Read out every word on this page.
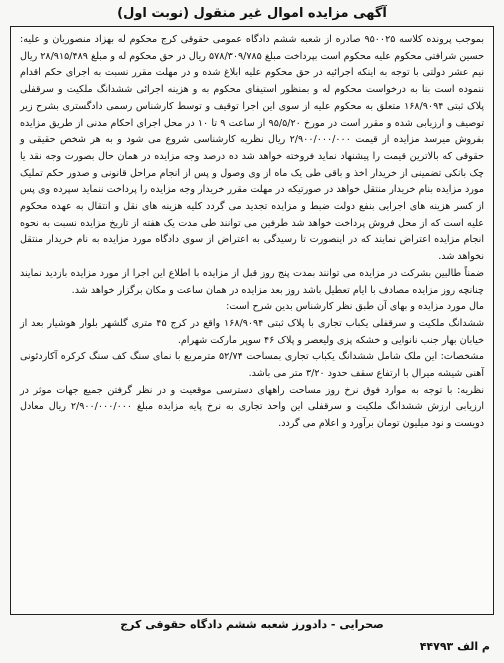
آگهی مزایده اموال غیر منقول (نوبت اول)

بموجب پرونده کلاسه ۹۵۰۰۲۵ صادره از شعبه ششم دادگاه عمومی حقوقی کرج محکوم له بهزاد منصوریان و علیه: حسین شرافتی محکوم علیه محکوم است بپرداخت مبلغ ۵۷۸/۳۰۹/۷۸۵ ریال در حق محکوم له و مبلغ ۲۸/۹۱۵/۴۸۹ ریال نیم عشر دولتی با توجه به اینکه اجرائیه در حق محکوم علیه ابلاغ شده و در مهلت مقرر نسبت به اجرای حکم اقدام ننموده است بنا به درخواست محکوم له و بمنظور استیفای محکوم به و هزینه اجرائی ششدانگ ملکیت و سرقفلی پلاک ثبتی ۱۶۸/۹۰۹۴ متعلق به محکوم علیه از سوی این اجرا توقیف و توسط کارشناس رسمی دادگستری بشرح زیر توصیف و ارزیابی شده و مقرر است در مورخ ۹۵/۵/۲۰ از ساعت ۹ تا ۱۰ در محل اجرای احکام مدنی از طریق مزایده بفروش میرسد مزایده از قیمت ۲/۹۰۰/۰۰۰/۰۰۰ ریال نظریه کارشناسی شروع می شود و به هر شخص حقیقی و حقوقی که بالاترین قیمت را پیشنهاد نماید فروخته خواهد شد ده درصد وجه مزایده در همان حال بصورت وجه نقد یا چک بانکی تضمینی از خریدار اخذ و باقی طی یک ماه از وی وصول و پس از انجام مراحل قانونی و صدور حکم تملیک مورد مزایده بنام خریدار منتقل خواهد در صورتیکه در مهلت مقرر خریدار وجه مزایده را پرداخت ننماید سپرده وی پس از کسر هزینه های اجرایی بنفع دولت ضبط و مزایده تجدید می گردد کلیه هزینه های نقل و انتقال به عهده محکوم علیه است که از محل فروش پرداخت خواهد شد طرفین می توانند طی مدت یک هفته از تاریخ مزایده نسبت به نحوه انجام مزایده اعتراض نمایند که در اینصورت تا رسیدگی به اعتراض از سوی دادگاه مورد مزایده به نام خریدار منتقل نخواهد شد.

ضمناً طالبین بشرکت در مزایده می توانند بمدت پنج روز قبل از مزایده با اطلاع این اجرا از مورد مزایده بازدید نمایند چنانچه روز مزایده مصادف با ایام تعطیل باشد روز بعد مزایده در همان ساعت و مکان برگزار خواهد شد.

مال مورد مزایده و بهای آن طبق نظر کارشناس بدین شرح است:

ششدانگ ملکیت و سرقفلی یکباب تجاری با پلاک ثبتی ۱۶۸/۹۰۹۴ واقع در کرج ۴۵ متری گلشهر بلوار هوشیار بعد از خیابان بهار جنب نانوایی و خشکه پزی ولیعصر و پلاک ۴۶ سوپر مارکت شهرام.

مشخصات: این ملک شامل ششدانگ یکباب تجاری بمساحت ۵۲/۷۴ مترمربع با نمای سنگ کف سنگ کرکره آکاردئونی آهنی شیشه میرال با ارتفاع سقف حدود ۳/۲۰ متر می باشد.

نظریه: با توجه به موارد فوق نرخ روز مساحت راههای دسترسی موقعیت و در نظر گرفتن جمیع جهات موثر در ارزیابی ارزش ششدانگ ملکیت و سرقفلی این واحد تجاری به نرخ پایه مزایده مبلغ ۲/۹۰۰/۰۰۰/۰۰۰ ریال معادل دویست و نود میلیون تومان برآورد و اعلام می گردد.

صحرایی - دادورز شعبه ششم دادگاه حقوقی کرج
م الف ۴۴۷۹۳
